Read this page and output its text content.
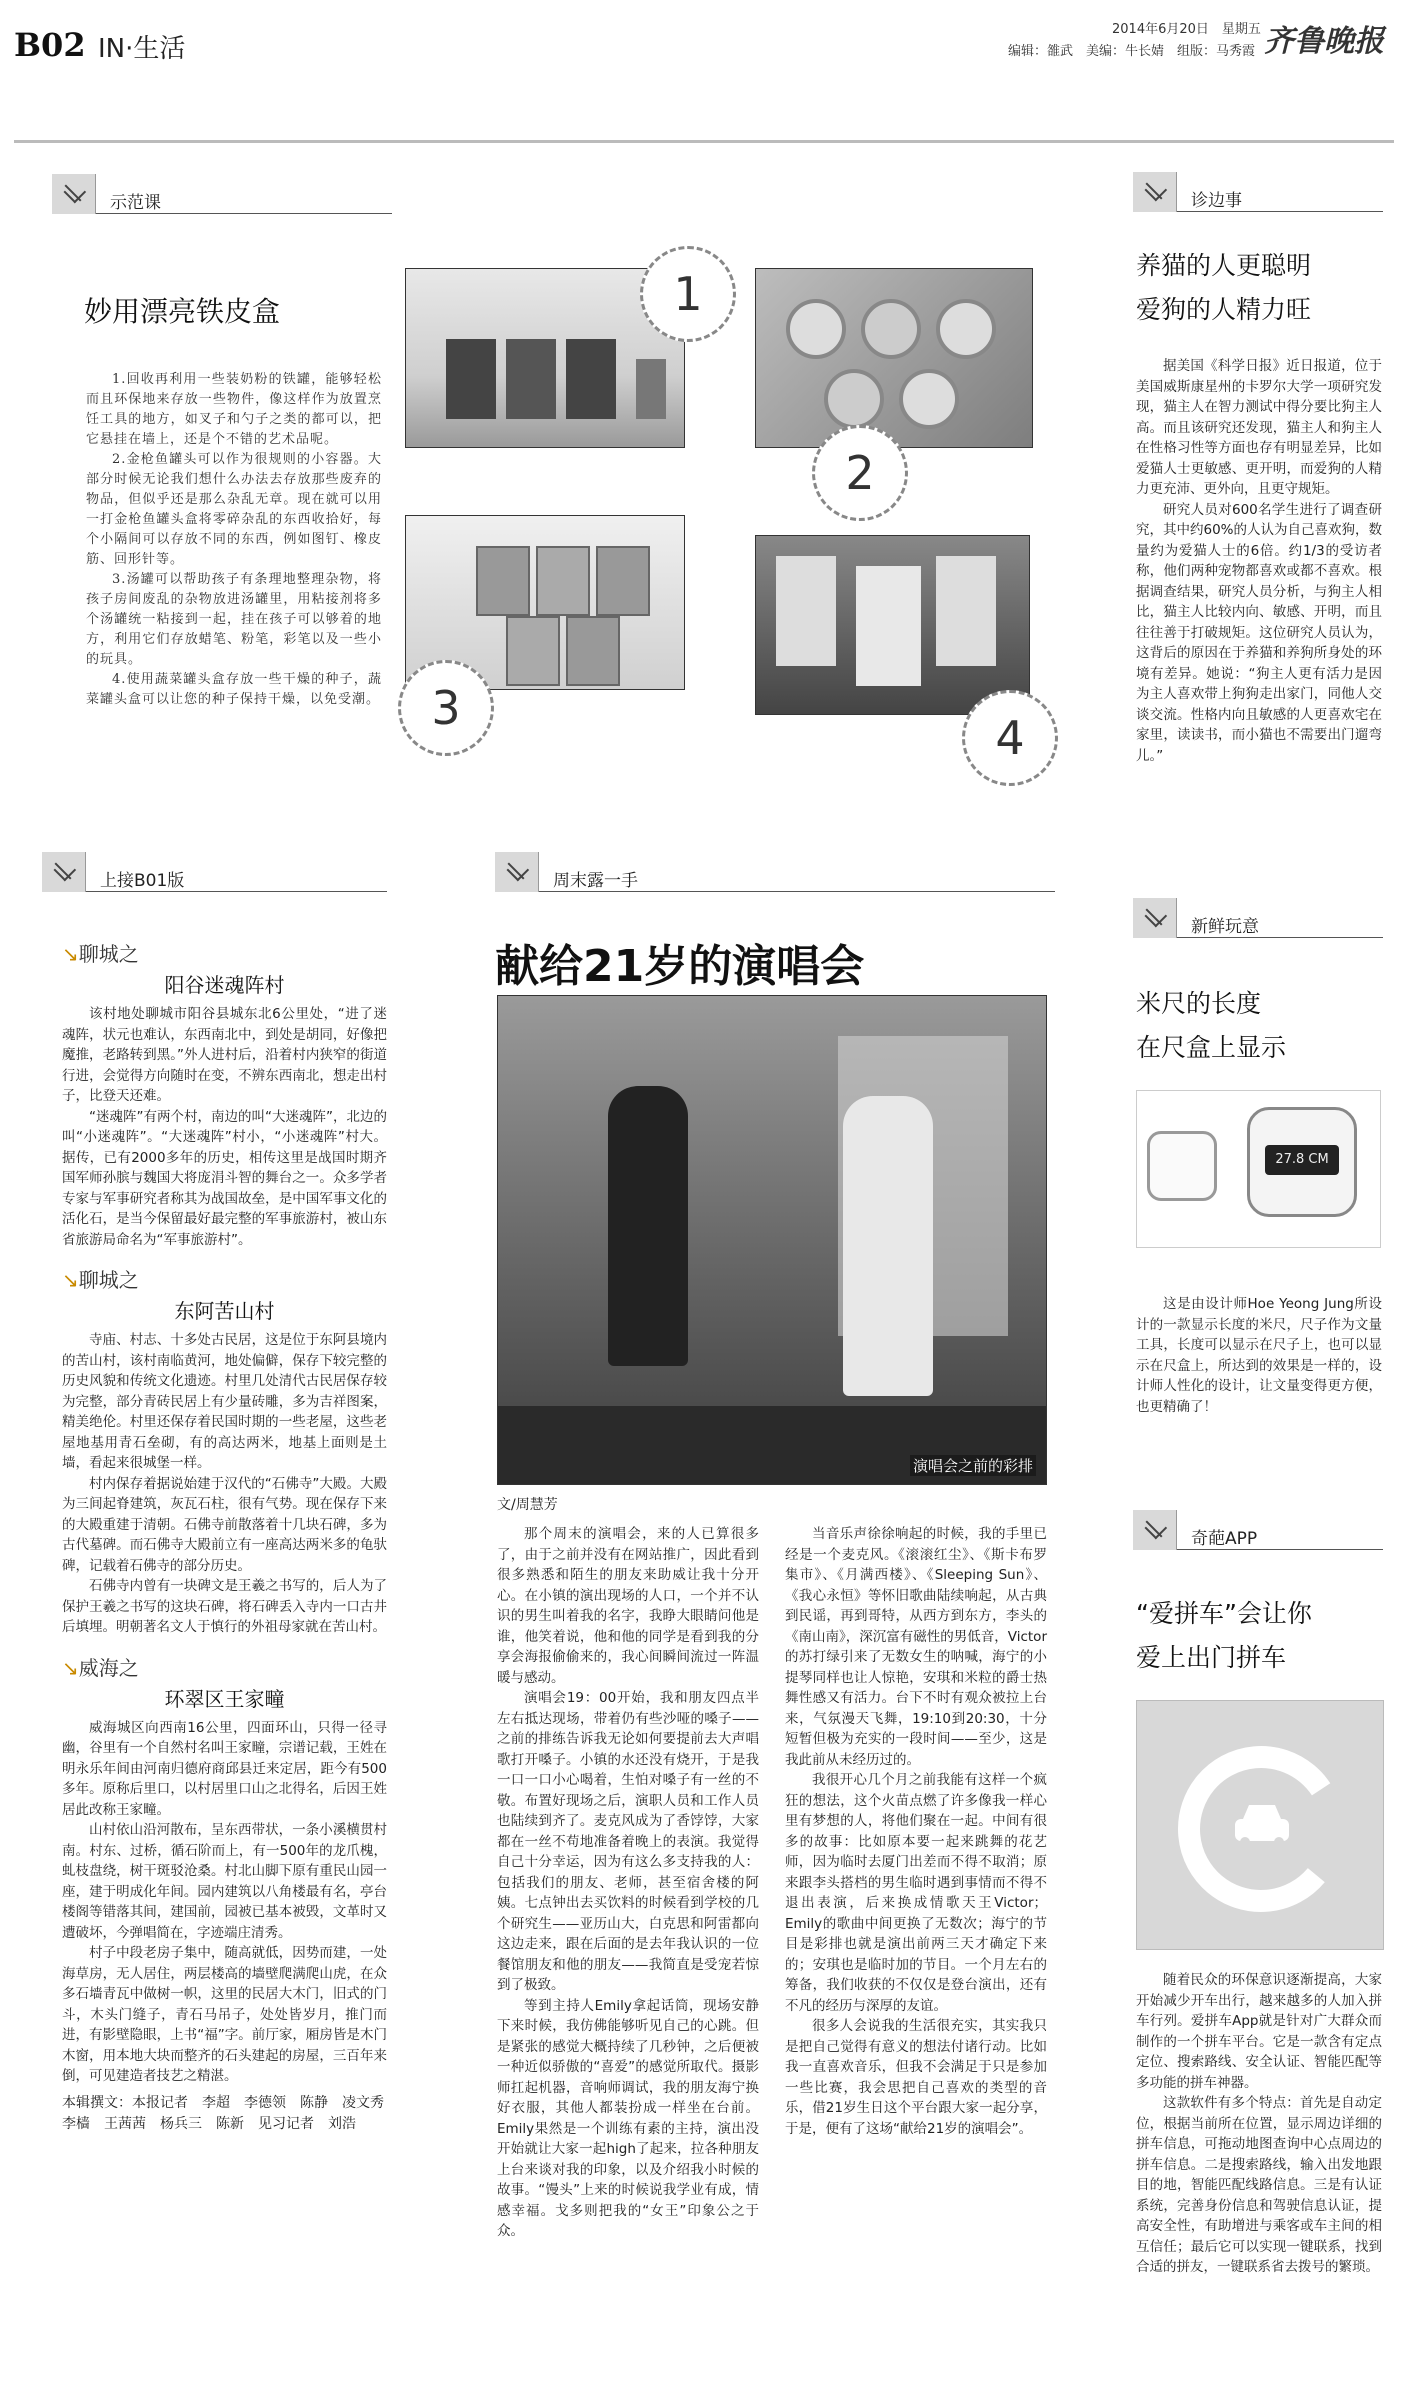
B02 IN·生活
2014年6月20日　星期五
编辑：雒武　美编：牛长婧　组版：马秀霞 齐鲁晚报
示范课
妙用漂亮铁皮盒

1.回收再利用一些装奶粉的铁罐，能够轻松而且环保地来存放一些物件，像这样作为放置烹饪工具的地方，如叉子和勺子之类的都可以，把它悬挂在墙上，还是个不错的艺术品呢。

2.金枪鱼罐头可以作为很规则的小容器。大部分时候无论我们想什么办法去存放那些废弃的物品，但似乎还是那么杂乱无章。现在就可以用一打金枪鱼罐头盒将零碎杂乱的东西收拾好，每个小隔间可以存放不同的东西，例如图钉、橡皮筋、回形针等。

3.汤罐可以帮助孩子有条理地整理杂物，将孩子房间废乱的杂物放进汤罐里，用粘接剂将多个汤罐统一粘接到一起，挂在孩子可以够着的地方，利用它们存放蜡笔、粉笔，彩笔以及一些小的玩具。

4.使用蔬菜罐头盒存放一些干燥的种子，蔬菜罐头盒可以让您的种子保持干燥，以免受潮。

1
2
3
4
诊边事
养猫的人更聪明
爱狗的人精力旺

据美国《科学日报》近日报道，位于美国威斯康星州的卡罗尔大学一项研究发现，猫主人在智力测试中得分要比狗主人高。而且该研究还发现，猫主人和狗主人在性格习性等方面也存有明显差异，比如爱猫人士更敏感、更开明，而爱狗的人精力更充沛、更外向，且更守规矩。

研究人员对600名学生进行了调查研究，其中约60%的人认为自己喜欢狗，数量约为爱猫人士的6倍。约1/3的受访者称，他们两种宠物都喜欢或都不喜欢。根据调查结果，研究人员分析，与狗主人相比，猫主人比较内向、敏感、开明，而且往往善于打破规矩。这位研究人员认为，这背后的原因在于养猫和养狗所身处的环境有差异。她说：“狗主人更有活力是因为主人喜欢带上狗狗走出家门，同他人交谈交流。性格内向且敏感的人更喜欢宅在家里，读读书，而小猫也不需要出门遛弯儿。”

上接B01版
↘聊城之
阳谷迷魂阵村

该村地处聊城市阳谷县城东北6公里处，“进了迷魂阵，状元也难认，东西南北中，到处是胡同，好像把魔推，老路转到黑。”外人进村后，沿着村内狭窄的街道行进，会觉得方向随时在变，不辨东西南北，想走出村子，比登天还难。

“迷魂阵”有两个村，南边的叫“大迷魂阵”，北边的叫“小迷魂阵”。“大迷魂阵”村小，“小迷魂阵”村大。据传，已有2000多年的历史，相传这里是战国时期齐国军师孙膑与魏国大将庞涓斗智的舞台之一。众多学者专家与军事研究者称其为战国故垒，是中国军事文化的活化石，是当今保留最好最完整的军事旅游村，被山东省旅游局命名为“军事旅游村”。

↘聊城之
东阿苦山村

寺庙、村志、十多处古民居，这是位于东阿县境内的苦山村，该村南临黄河，地处偏僻，保存下较完整的历史风貌和传统文化遗迹。村里几处清代古民居保存较为完整，部分青砖民居上有少量砖雕，多为吉祥图案，精美绝伦。村里还保存着民国时期的一些老屋，这些老屋地基用青石垒砌，有的高达两米，地基上面则是土墙，看起来很城堡一样。

村内保存着据说始建于汉代的“石佛寺”大殿。大殿为三间起脊建筑，灰瓦石柱，很有气势。现在保存下来的大殿重建于清朝。石佛寺前散落着十几块石碑，多为古代墓碑。而石佛寺大殿前立有一座高达两米多的龟驮碑，记载着石佛寺的部分历史。

石佛寺内曾有一块碑文是王羲之书写的，后人为了保护王羲之书写的这块石碑，将石碑丢入寺内一口古井后填埋。明朝著名文人于慎行的外祖母家就在苦山村。

↘威海之
环翠区王家疃

威海城区向西南16公里，四面环山，只得一径寻幽，谷里有一个自然村名叫王家疃，宗谱记载，王姓在明永乐年间由河南归德府商邱县迁来定居，距今有500多年。原称后里口，以村居里口山之北得名，后因王姓居此改称王家疃。

山村依山沿河散布，呈东西带状，一条小溪横贯村南。村东、过桥，循石阶而上，有一500年的龙爪槐，虬枝盘绕，树干斑驳沧桑。村北山脚下原有重民山园一座，建于明成化年间。园内建筑以八角楼最有名，亭台楼阁等错落其间，建国前，园被已基本被毁，文革时又遭破坏，今弹唱简在，字迹端庄清秀。

村子中段老房子集中，随高就低，因势而建，一处海草房，无人居住，两层楼高的墙壁爬满爬山虎，在众多石墙青瓦中做树一帜，这里的民居大木门，旧式的门斗，木头门缝子，青石马吊子，处处皆岁月，推门而进，有影壁隐眼，上书“福”字。前厅家，厢房皆是木门木窗，用本地大块而整齐的石头建起的房屋，三百年来倒，可见建造者技艺之精湛。

本辑撰文：本报记者　李超　李德领　陈静　凌文秀　李樯　王茜茜　杨兵三　陈新　见习记者　刘浩
周末露一手
献给21岁的演唱会
演唱会之前的彩排
文/周慧芳

那个周末的演唱会，来的人已算很多了，由于之前并没有在网站推广，因此看到很多熟悉和陌生的朋友来助威让我十分开心。在小镇的演出现场的人口，一个并不认识的男生叫着我的名字，我睁大眼睛问他是谁，他笑着说，他和他的同学是看到我的分享会海报偷偷来的，我心间瞬间流过一阵温暖与感动。

演唱会19：00开始，我和朋友四点半左右抵达现场，带着仍有些沙哑的嗓子——之前的排练告诉我无论如何要提前去大声唱歌打开嗓子。小镇的水还没有烧开，于是我一口一口小心喝着，生怕对嗓子有一丝的不敬。布置好现场之后，演职人员和工作人员也陆续到齐了。麦克风成为了香饽饽，大家都在一丝不苟地准备着晚上的表演。我觉得自己十分幸运，因为有这么多支持我的人：包括我们的朋友、老师，甚至宿舍楼的阿姨。七点钟出去买饮料的时候看到学校的几个研究生——亚历山大，白克思和阿雷都向这边走来，跟在后面的是去年我认识的一位餐馆朋友和他的朋友——我简直是受宠若惊到了极致。

等到主持人Emily拿起话筒，现场安静下来时候，我仿佛能够听见自己的心跳。但是紧张的感觉大概持续了几秒钟，之后便被一种近似骄傲的“喜爱”的感觉所取代。摄影师扛起机器，音响师调试，我的朋友海宁换好衣服，其他人都装扮成一样坐在台前。Emily果然是一个训练有素的主持，演出没开始就让大家一起high了起来，拉各种朋友上台来谈对我的印象，以及介绍我小时候的故事。“馒头”上来的时候说我学业有成，情感幸福。戈多则把我的“女王”印象公之于众。

当音乐声徐徐响起的时候，我的手里已经是一个麦克风。《滚滚红尘》、《斯卡布罗集市》、《月满西楼》、《Sleeping Sun》、《我心永恒》等怀旧歌曲陆续响起，从古典到民谣，再到哥特，从西方到东方，李头的《南山南》，深沉富有磁性的男低音，Victor的苏打绿引来了无数女生的呐喊，海宁的小提琴同样也让人惊艳，安琪和米粒的爵士热舞性感又有活力。台下不时有观众被拉上台来，气氛漫天飞舞，19:10到20:30，十分短暂但极为充实的一段时间——至少，这是我此前从未经历过的。

我很开心几个月之前我能有这样一个疯狂的想法，这个火苗点燃了许多像我一样心里有梦想的人，将他们聚在一起。中间有很多的故事：比如原本要一起来跳舞的花艺师，因为临时去厦门出差而不得不取消；原来跟李头搭档的男生临时遇到事情而不得不退出表演，后来换成情歌天王Victor；Emily的歌曲中间更换了无数次；海宁的节目是彩排也就是演出前两三天才确定下来的；安琪也是临时加的节目。一个月左右的筹备，我们收获的不仅仅是登台演出，还有不凡的经历与深厚的友谊。

很多人会说我的生活很充实，其实我只是把自己觉得有意义的想法付诸行动。比如我一直喜欢音乐，但我不会满足于只是参加一些比赛，我会思把自己喜欢的类型的音乐，借21岁生日这个平台跟大家一起分享，于是，便有了这场“献给21岁的演唱会”。

新鲜玩意
米尺的长度
在尺盒上显示
27.8 CM

这是由设计师Hoe Yeong Jung所设计的一款显示长度的米尺，尺子作为文量工具，长度可以显示在尺子上，也可以显示在尺盒上，所达到的效果是一样的，设计师人性化的设计，让文量变得更方便，也更精确了！

奇葩APP
“爱拼车”会让你
爱上出门拼车

随着民众的环保意识逐渐提高，大家开始减少开车出行，越来越多的人加入拼车行列。爱拼车App就是针对广大群众而制作的一个拼车平台。它是一款含有定点定位、搜索路线、安全认证、智能匹配等多功能的拼车神器。

这款软件有多个特点：首先是自动定位，根据当前所在位置，显示周边详细的拼车信息，可拖动地图查询中心点周边的拼车信息。二是搜索路线，输入出发地跟目的地，智能匹配线路信息。三是有认证系统，完善身份信息和驾驶信息认证，提高安全性，有助增进与乘客或车主间的相互信任；最后它可以实现一键联系，找到合适的拼友，一键联系省去拨号的繁琐。
